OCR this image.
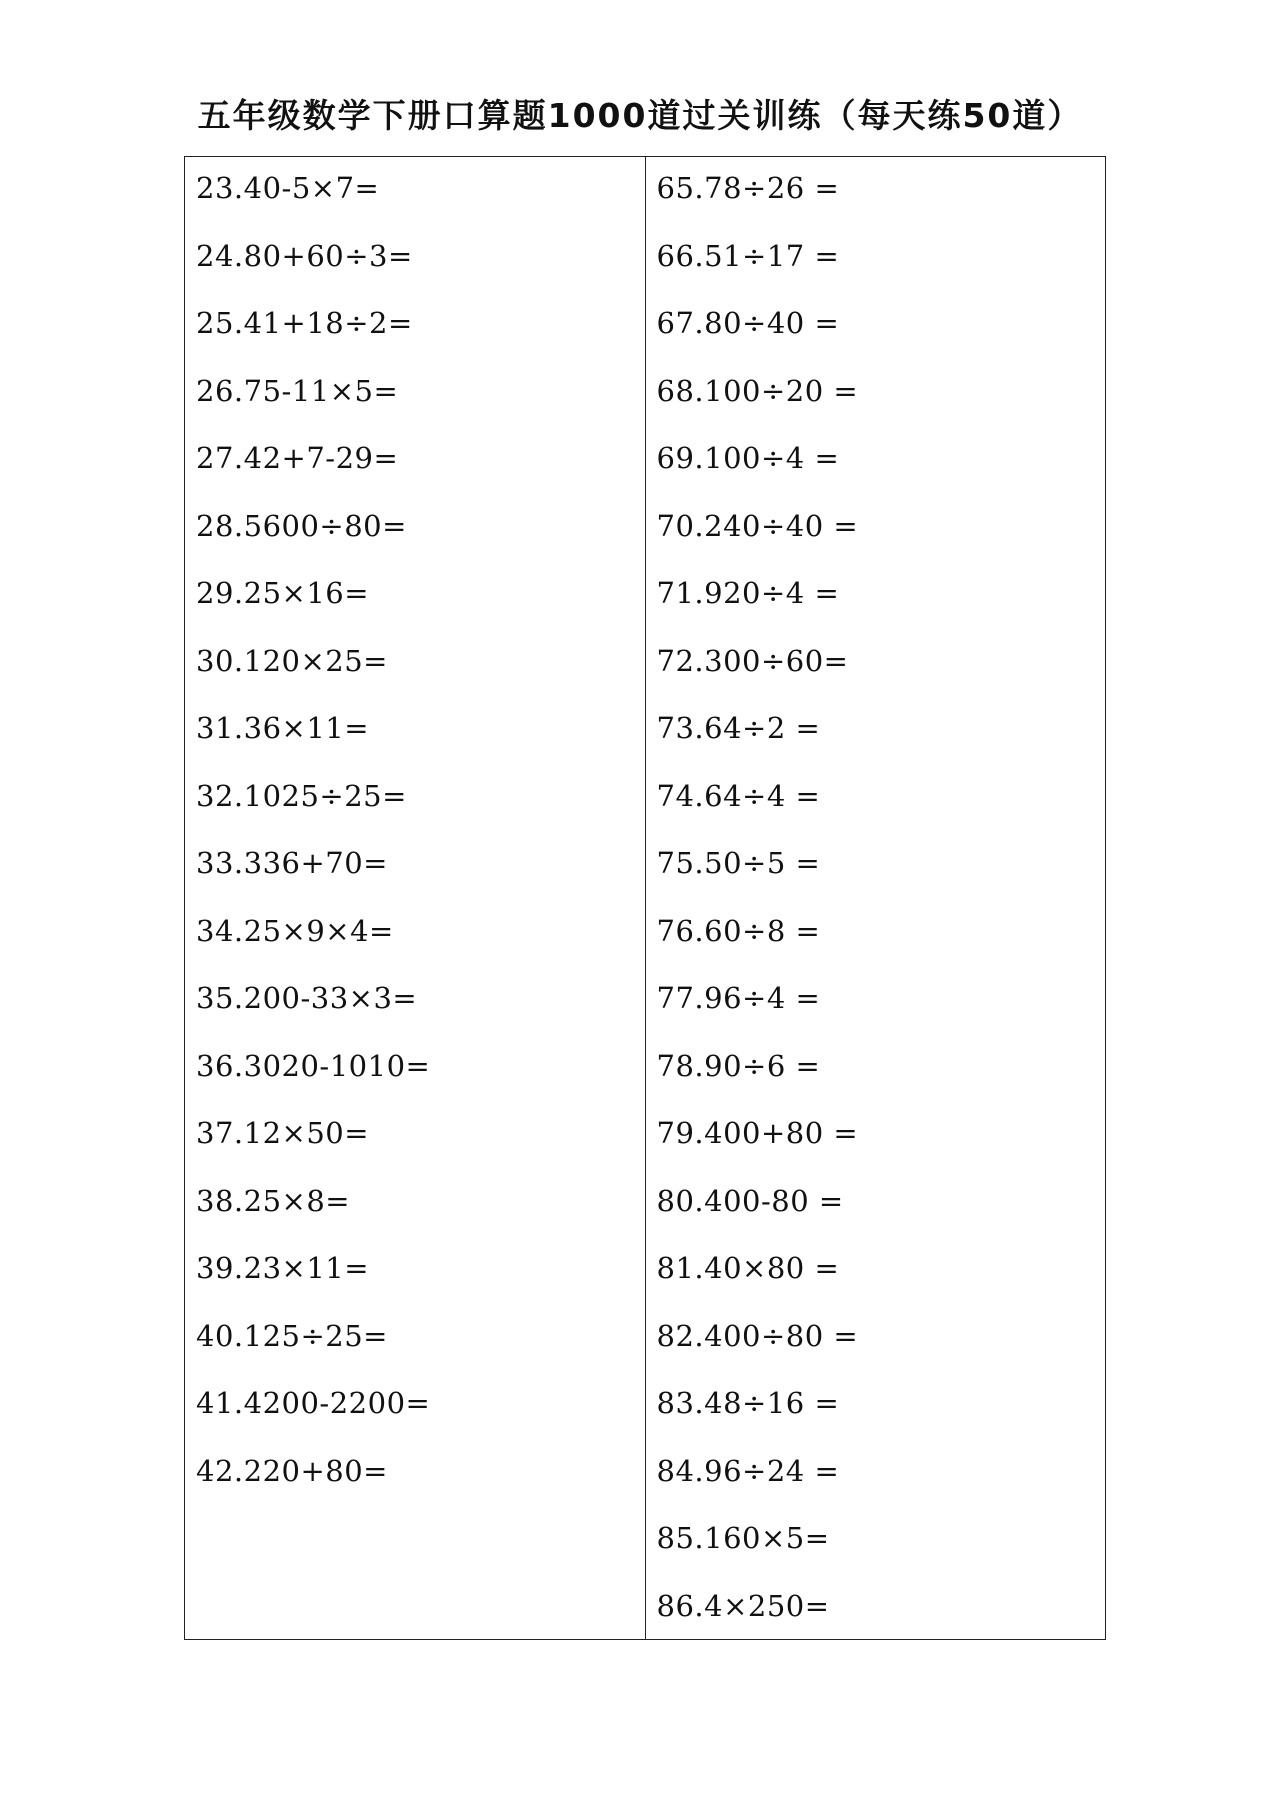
五年级数学下册口算题1000道过关训练（每天练50道）
23.40-5×7=
24.80+60÷3=
25.41+18÷2=
26.75-11×5=
27.42+7-29=
28.5600÷80=
29.25×16=
30.120×25=
31.36×11=
32.1025÷25=
33.336+70=
34.25×9×4=
35.200-33×3=
36.3020-1010=
37.12×50=
38.25×8=
39.23×11=
40.125÷25=
41.4200-2200=
42.220+80=
65.78÷26 =
66.51÷17 =
67.80÷40 =
68.100÷20 =
69.100÷4 =
70.240÷40 =
71.920÷4 =
72.300÷60=
73.64÷2 =
74.64÷4 =
75.50÷5 =
76.60÷8 =
77.96÷4 =
78.90÷6 =
79.400+80 =
80.400-80 =
81.40×80 =
82.400÷80 =
83.48÷16 =
84.96÷24 =
85.160×5=
86.4×250=
